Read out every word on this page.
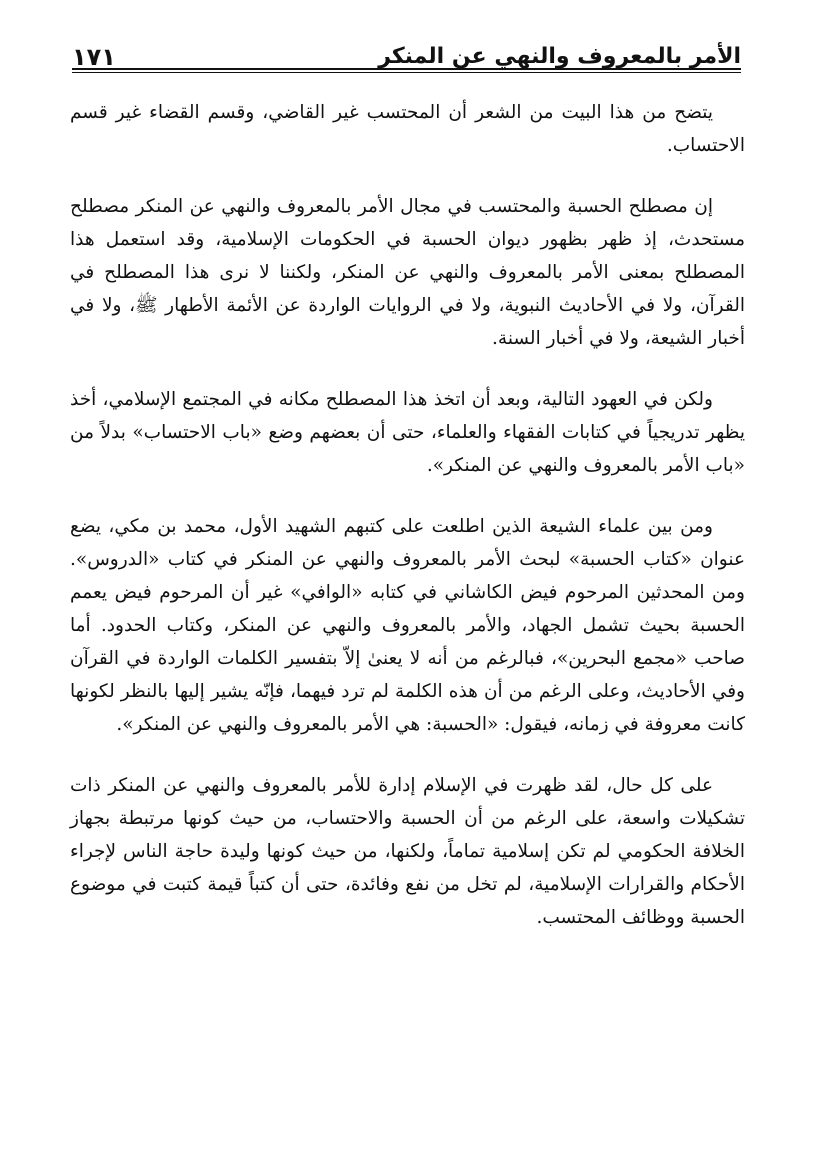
الأمر بالمعروف والنهي عن المنكر
١٧١

يتضح من هذا البيت من الشعر أن المحتسب غير القاضي، وقسم القضاء غير قسم الاحتساب.

إن مصطلح الحسبة والمحتسب في مجال الأمر بالمعروف والنهي عن المنكر مصطلح مستحدث، إذ ظهر بظهور ديوان الحسبة في الحكومات الإسلامية، وقد استعمل هذا المصطلح بمعنى الأمر بالمعروف والنهي عن المنكر، ولكننا لا نرى هذا المصطلح في القرآن، ولا في الأحاديث النبوية، ولا في الروايات الواردة عن الأئمة الأطهار ﷺ، ولا في أخبار الشيعة، ولا في أخبار السنة.

ولكن في العهود التالية، وبعد أن اتخذ هذا المصطلح مكانه في المجتمع الإسلامي، أخذ يظهر تدريجياً في كتابات الفقهاء والعلماء، حتى أن بعضهم وضع «باب الاحتساب» بدلاً من «باب الأمر بالمعروف والنهي عن المنكر».

ومن بين علماء الشيعة الذين اطلعت على كتبهم الشهيد الأول، محمد بن مكي، يضع عنوان «كتاب الحسبة» لبحث الأمر بالمعروف والنهي عن المنكر في كتاب «الدروس». ومن المحدثين المرحوم فيض الكاشاني في كتابه «الوافي» غير أن المرحوم فيض يعمم الحسبة بحيث تشمل الجهاد، والأمر بالمعروف والنهي عن المنكر، وكتاب الحدود. أما صاحب «مجمع البحرين»، فبالرغم من أنه لا يعنىٰ إلاّ بتفسير الكلمات الواردة في القرآن وفي الأحاديث، وعلى الرغم من أن هذه الكلمة لم ترد فيهما، فإنّه يشير إليها بالنظر لكونها كانت معروفة في زمانه، فيقول: «الحسبة: هي الأمر بالمعروف والنهي عن المنكر».

على كل حال، لقد ظهرت في الإسلام إدارة للأمر بالمعروف والنهي عن المنكر ذات تشكيلات واسعة، على الرغم من أن الحسبة والاحتساب، من حيث كونها مرتبطة بجهاز الخلافة الحكومي لم تكن إسلامية تماماً، ولكنها، من حيث كونها وليدة حاجة الناس لإجراء الأحكام والقرارات الإسلامية، لم تخل من نفع وفائدة، حتى أن كتباً قيمة كتبت في موضوع الحسبة ووظائف المحتسب.
